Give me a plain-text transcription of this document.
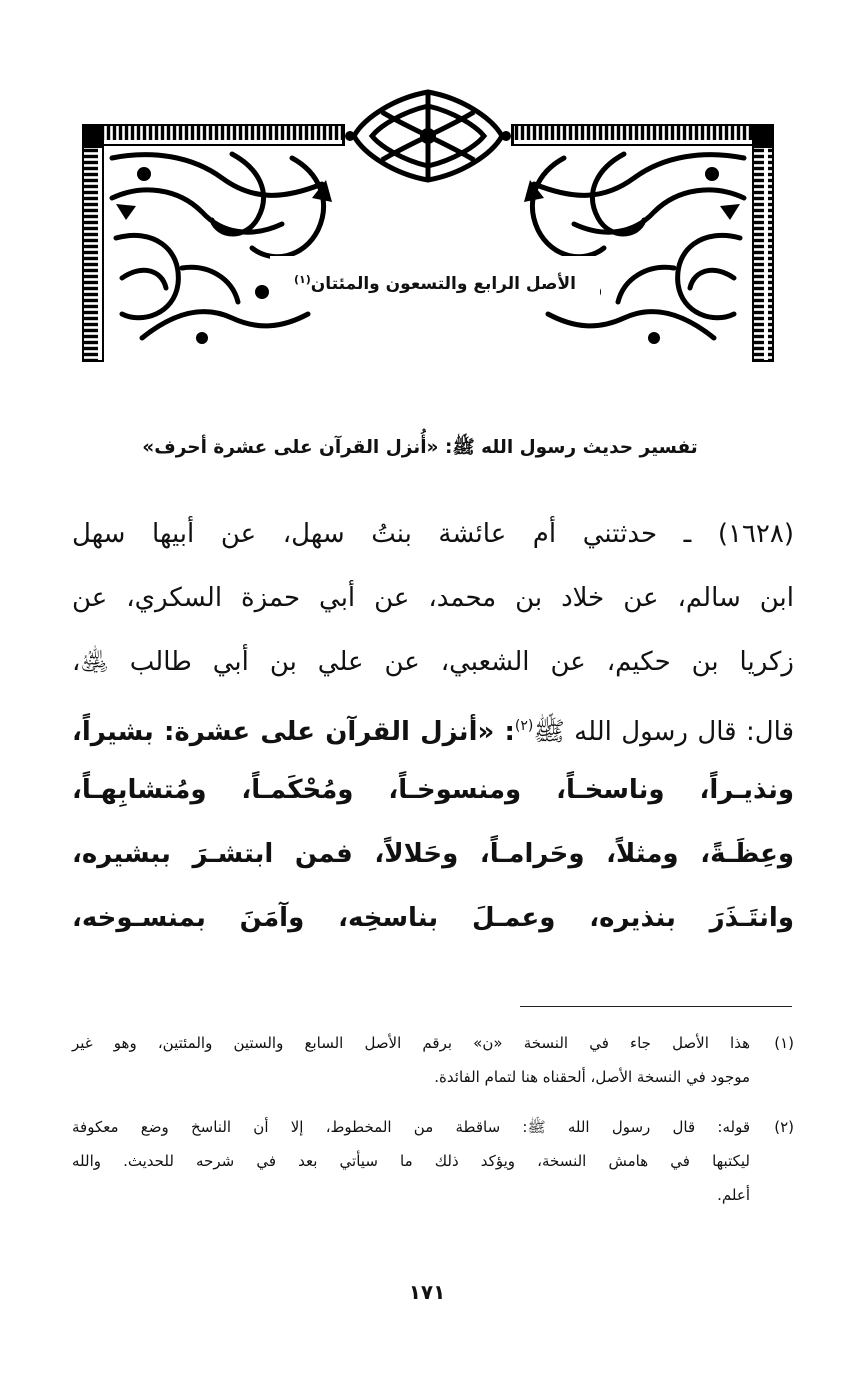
الأصل الرابع والتسعون والمئتان$^{(١)}$
تفسير حديث رسول الله ﷺ: «أُنزل القرآن على عشرة أحرف»
(١٦٢٨) ـ حدثتني أم عائشة بنتُ سهل، عن أبيها سهل
ابن سالم، عن خلاد بن محمد، عن أبي حمزة السكري، عن
زكريا بن حكيم، عن الشعبي، عن علي بن أبي طالب ﵁،
قال: قال رسول الله ﷺ$^{(٢)}$: «أنزل القرآن على عشرة: بشيراً،
ونذيـراً، وناسخـاً، ومنسوخـاً، ومُحْكَمـاً، ومُتشابِهـاً،
وعِظَـةً، ومثلاً، وحَرامـاً، وحَلالاً، فمن ابتشـرَ ببشيره،
وانتَـذَرَ بنذيره، وعمـلَ بناسخِه، وآمَنَ بمنسـوخه،
(١)
هذا الأصل جاء في النسخة «ن» برقم الأصل السابع والستين والمئتين، وهو غير
موجود في النسخة الأصل، ألحقناه هنا لتمام الفائدة.
(٢)
قوله: قال رسول الله ﷺ: ساقطة من المخطوط، إلا أن الناسخ وضع معكوفة
ليكتبها في هامش النسخة، ويؤكد ذلك ما سيأتي بعد في شرحه للحديث. والله
أعلم.
١٧١
